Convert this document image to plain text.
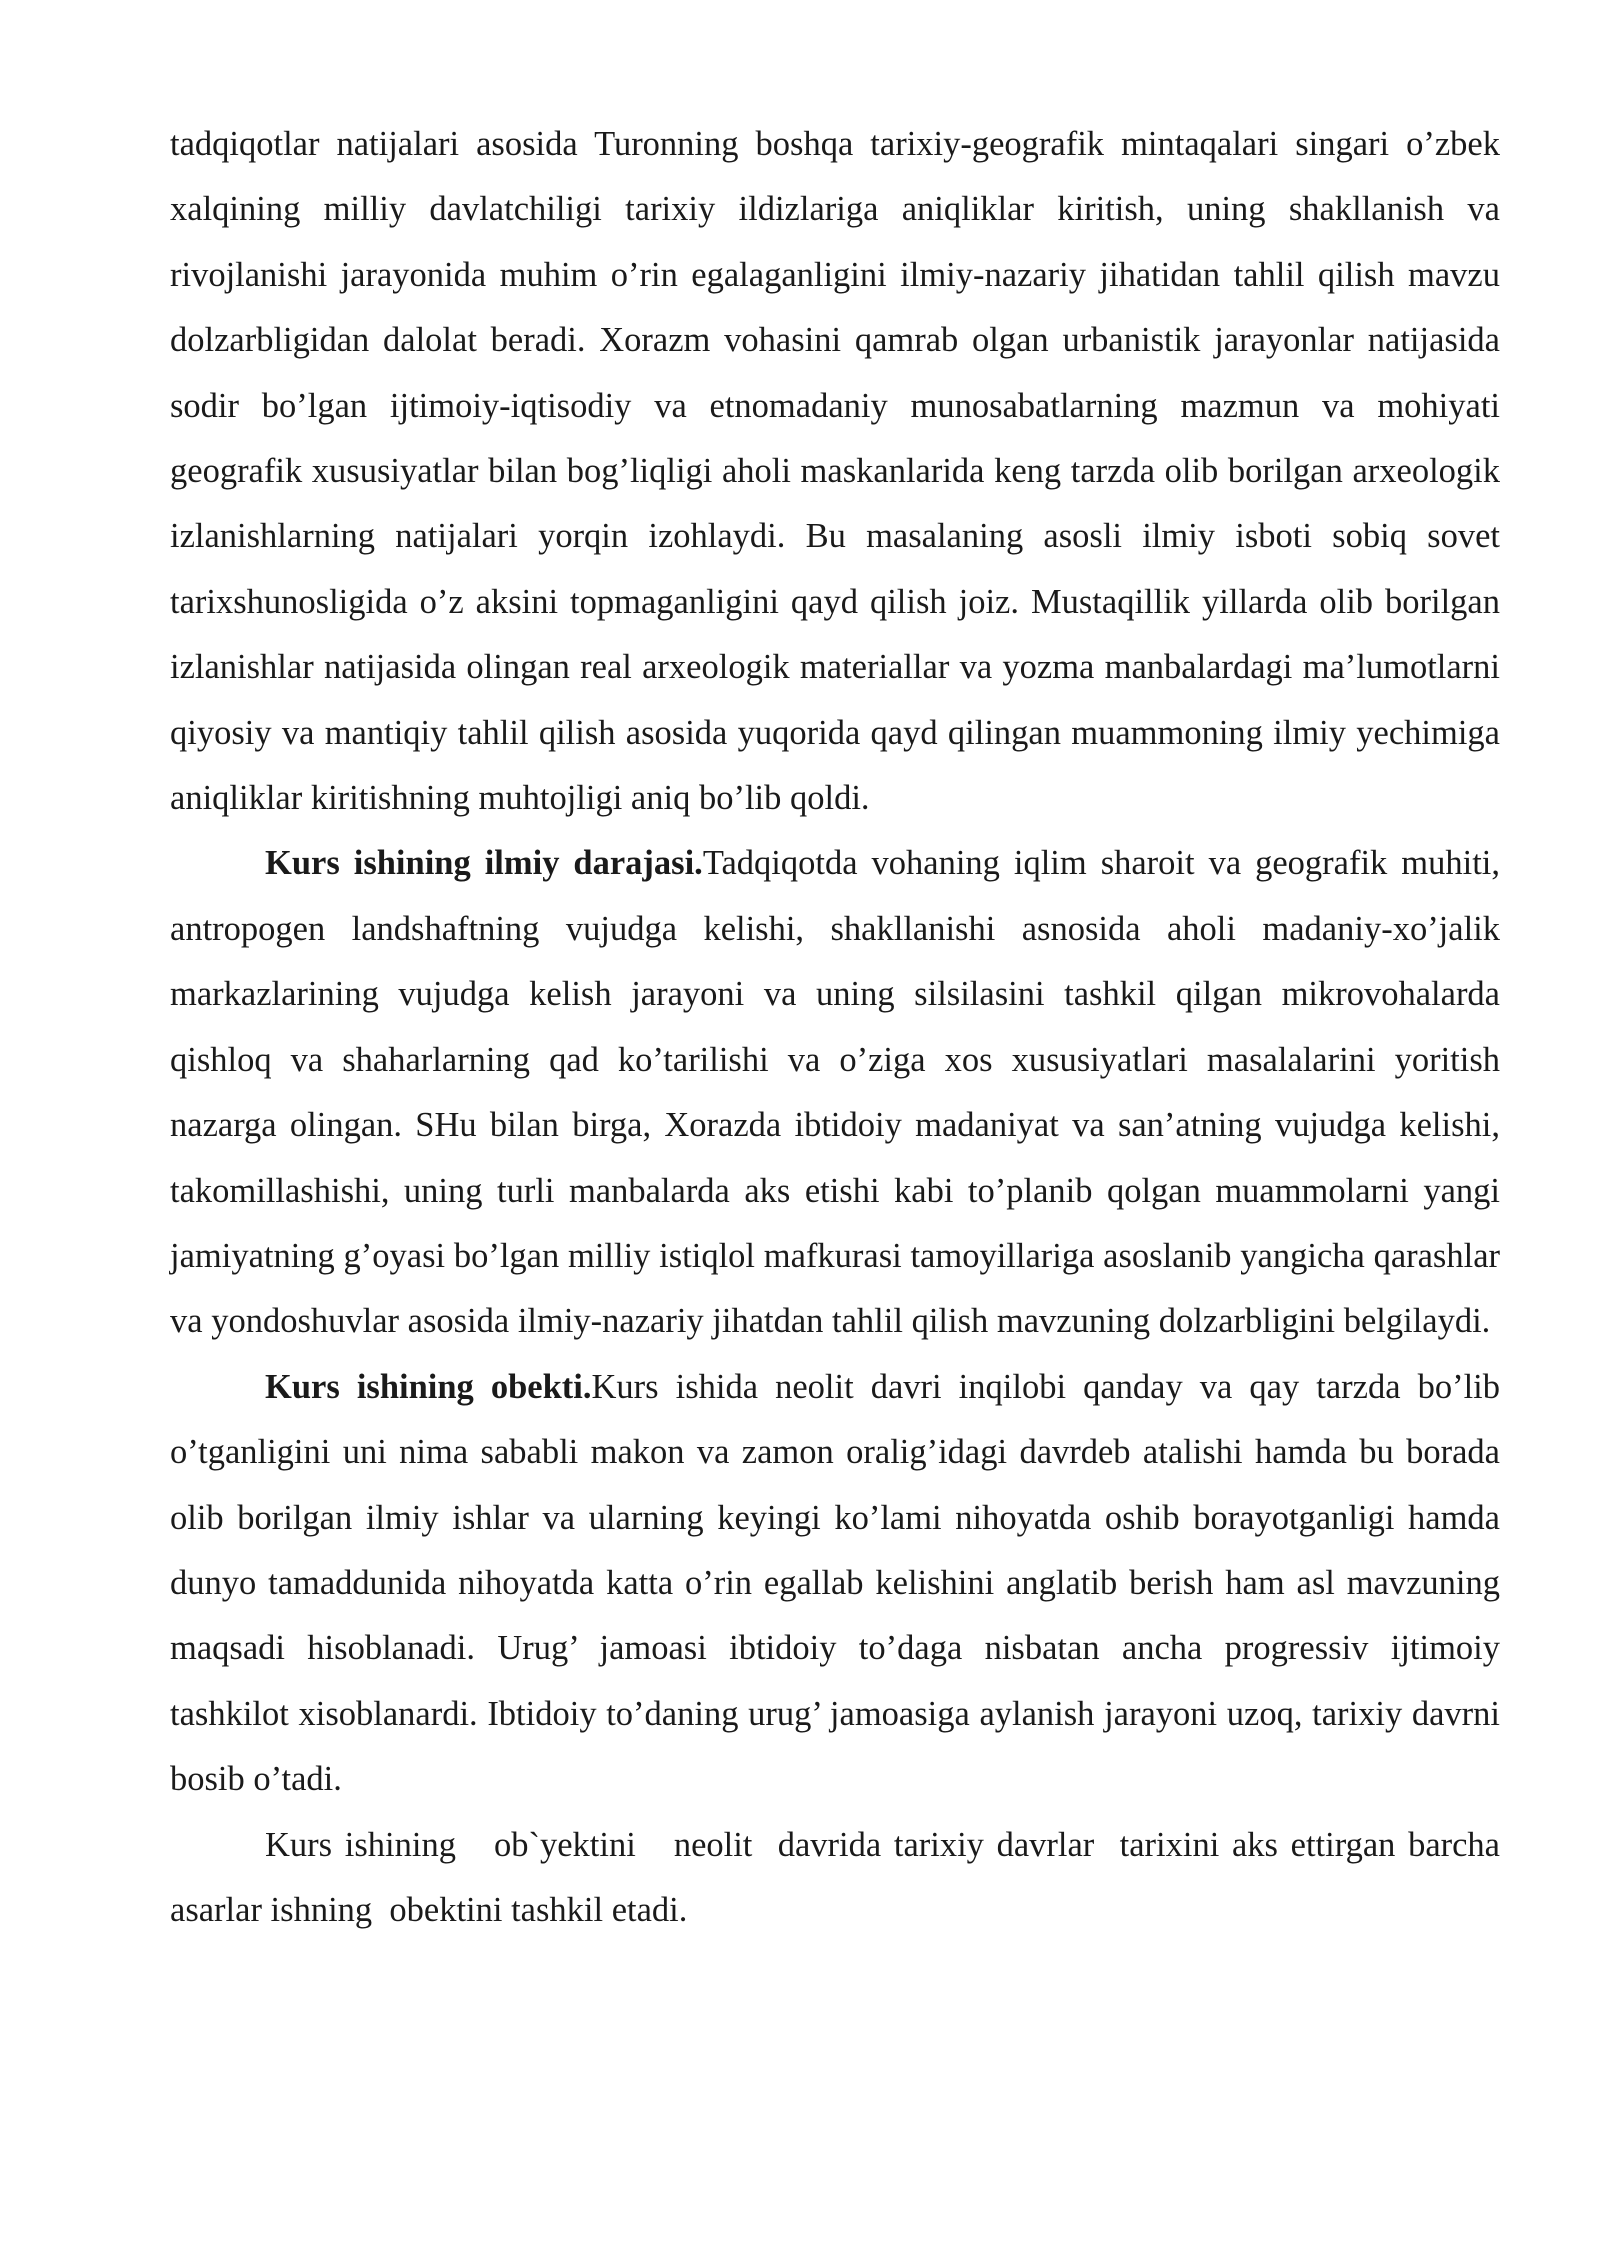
tadqiqotlar natijalari asosida Turonning boshqa tarixiy-geografik mintaqalari singari o’zbek xalqining milliy davlatchiligi tarixiy ildizlariga aniqliklar kiritish, uning shakllanish va rivojlanishi jarayonida muhim o’rin egalaganligini ilmiy-nazariy jihatidan tahlil qilish mavzu dolzarbligidan dalolat beradi. Xorazm vohasini qamrab olgan urbanistik jarayonlar natijasida sodir bo’lgan ijtimoiy-iqtisodiy va etnomadaniy munosabatlarning mazmun va mohiyati geografik xususiyatlar bilan bog’liqligi aholi maskanlarida keng tarzda olib borilgan arxeologik izlanishlarning natijalari yorqin izohlaydi. Bu masalaning asosli ilmiy isboti sobiq sovet tarixshunosligida o’z aksini topmaganligini qayd qilish joiz. Mustaqillik yillarda olib borilgan izlanishlar natijasida olingan real arxeologik materiallar va yozma manbalardagi ma’lumotlarni qiyosiy va mantiqiy tahlil qilish asosida yuqorida qayd qilingan muammoning ilmiy yechimiga aniqliklar kiritishning muhtojligi aniq bo’lib qoldi.

Kurs ishining ilmiy darajasi.Tadqiqotda vohaning iqlim sharoit va geografik muhiti, antropogen landshaftning vujudga kelishi, shakllanishi asnosida aholi madaniy-xo’jalik markazlarining vujudga kelish jarayoni va uning silsilasini tashkil qilgan mikrovohalarda qishloq va shaharlarning qad ko’tarilishi va o’ziga xos xususiyatlari masalalarini yoritish nazarga olingan. SHu bilan birga, Xorazda ibtidoiy madaniyat va san’atning vujudga kelishi, takomillashishi, uning turli manbalarda aks etishi kabi to’planib qolgan muammolarni yangi jamiyatning g’oyasi bo’lgan milliy istiqlol mafkurasi tamoyillariga asoslanib yangicha qarashlar va yondoshuvlar asosida ilmiy-nazariy jihatdan tahlil qilish mavzuning dolzarbligini belgilaydi.

Kurs ishining obekti.Kurs ishida neolit davri inqilobi qanday va qay tarzda bo’lib o’tganligini uni nima sababli makon va zamon oralig’idagi davrdeb atalishi hamda bu borada olib borilgan ilmiy ishlar va ularning keyingi ko’lami nihoyatda oshib borayotganligi hamda dunyo tamaddunida nihoyatda katta o’rin egallab kelishini anglatib berish ham asl mavzuning maqsadi hisoblanadi. Urug’ jamoasi ibtidoiy to’daga nisbatan ancha progressiv ijtimoiy tashkilot xisoblanardi. Ibtidoiy to’daning urug’ jamoasiga aylanish jarayoni uzoq, tarixiy davrni bosib o’tadi.

Kurs ishining   ob`yektini   neolit  davrida tarixiy davrlar  tarixini aks ettirgan barcha asarlar ishning  obektini tashkil etadi.
